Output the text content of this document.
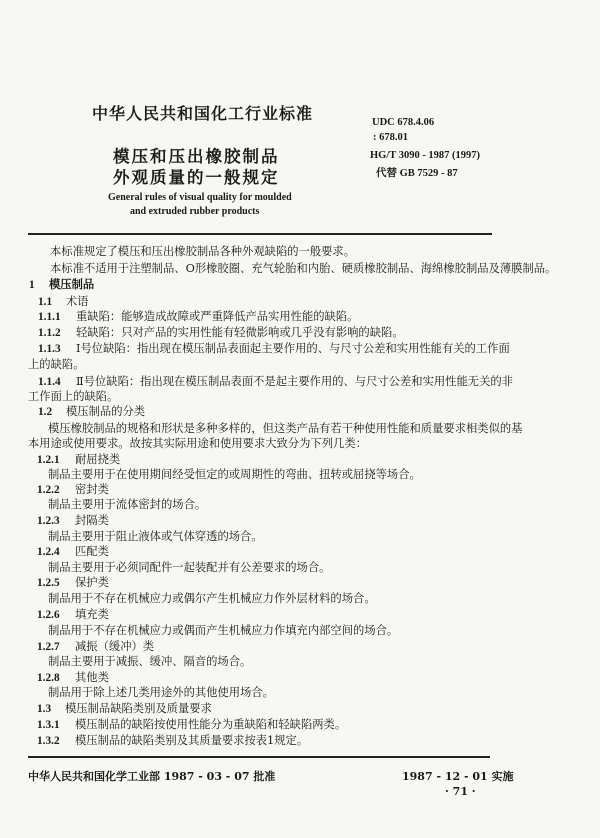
中华人民共和国化工行业标准
模压和压出橡胶制品
外观质量的一般规定
General rules of visual quality for moulded
and extruded rubber products
UDC 678.4.06
: 678.01
HG/T 3090 - 1987 (1997)
代替 GB 7529 - 87
本标准规定了模压和压出橡胶制品各种外观缺陷的一般要求。
本标准不适用于注塑制品、O形橡胶圈、充气轮胎和内胎、硬质橡胶制品、海绵橡胶制品及薄膜制品。
1 模压制品
1.1 术语
1.1.1 重缺陷：能够造成故障或严重降低产品实用性能的缺陷。
1.1.2 轻缺陷：只对产品的实用性能有轻微影响或几乎没有影响的缺陷。
1.1.3 Ⅰ号位缺陷：指出现在模压制品表面起主要作用的、与尺寸公差和实用性能有关的工作面
上的缺陷。
1.1.4 Ⅱ号位缺陷：指出现在模压制品表面不是起主要作用的、与尺寸公差和实用性能无关的非
工作面上的缺陷。
1.2 模压制品的分类
模压橡胶制品的规格和形状是多种多样的，但这类产品有若干种使用性能和质量要求相类似的基
本用途或使用要求。故按其实际用途和使用要求大致分为下列几类：
1.2.1 耐屈挠类
制品主要用于在使用期间经受恒定的或周期性的弯曲、扭转或屈挠等场合。
1.2.2 密封类
制品主要用于流体密封的场合。
1.2.3 封隔类
制品主要用于阻止液体或气体穿透的场合。
1.2.4 匹配类
制品主要用于必须同配件一起装配并有公差要求的场合。
1.2.5 保护类
制品用于不存在机械应力或偶尔产生机械应力作外层材料的场合。
1.2.6 填充类
制品用于不存在机械应力或偶而产生机械应力作填充内部空间的场合。
1.2.7 减振（缓冲）类
制品主要用于减振、缓冲、隔音的场合。
1.2.8 其他类
制品用于除上述几类用途外的其他使用场合。
1.3 模压制品缺陷类别及质量要求
1.3.1 模压制品的缺陷按使用性能分为重缺陷和轻缺陷两类。
1.3.2 模压制品的缺陷类别及其质量要求按表1规定。
中华人民共和国化学工业部 1987 - 03 - 07 批准	1987 - 12 - 01 实施
· 71 ·
